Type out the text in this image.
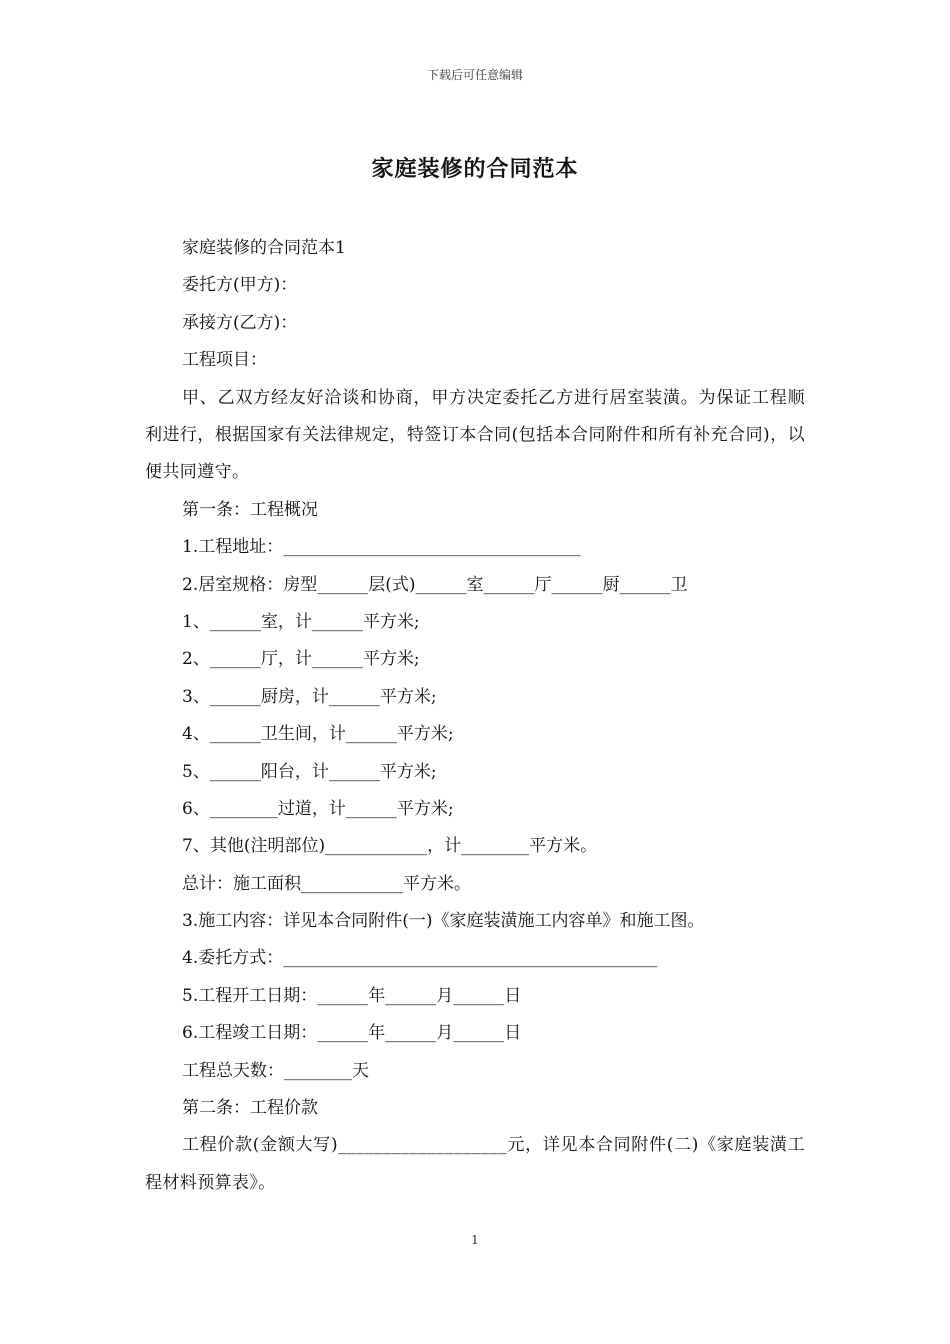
下载后可任意编辑
家庭装修的合同范本
家庭装修的合同范本1
委托方(甲方)：
承接方(乙方)：
工程项目：

甲、乙双方经友好洽谈和协商，甲方决定委托乙方进行居室装潢。为保证工程顺利进行，根据国家有关法律规定，特签订本合同(包括本合同附件和所有补充合同)，以便共同遵守。

第一条：工程概况
1.工程地址：___________________________________
2.居室规格：房型______层(式)______室______厅______厨______卫
1、______室，计______平方米;
2、______厅，计______平方米;
3、______厨房，计______平方米;
4、______卫生间，计______平方米;
5、______阳台，计______平方米;
6、________过道，计______平方米;
7、其他(注明部位)____________，计________平方米。
总计：施工面积____________平方米。
3.施工内容：详见本合同附件(一)《家庭装潢施工内容单》和施工图。
4.委托方式：____________________________________________
5.工程开工日期：______年______月______日
6.工程竣工日期：______年______月______日
工程总天数：________天
第二条：工程价款

工程价款(金额大写)___________________元，详见本合同附件(二)《家庭装潢工程材料预算表》。

1
